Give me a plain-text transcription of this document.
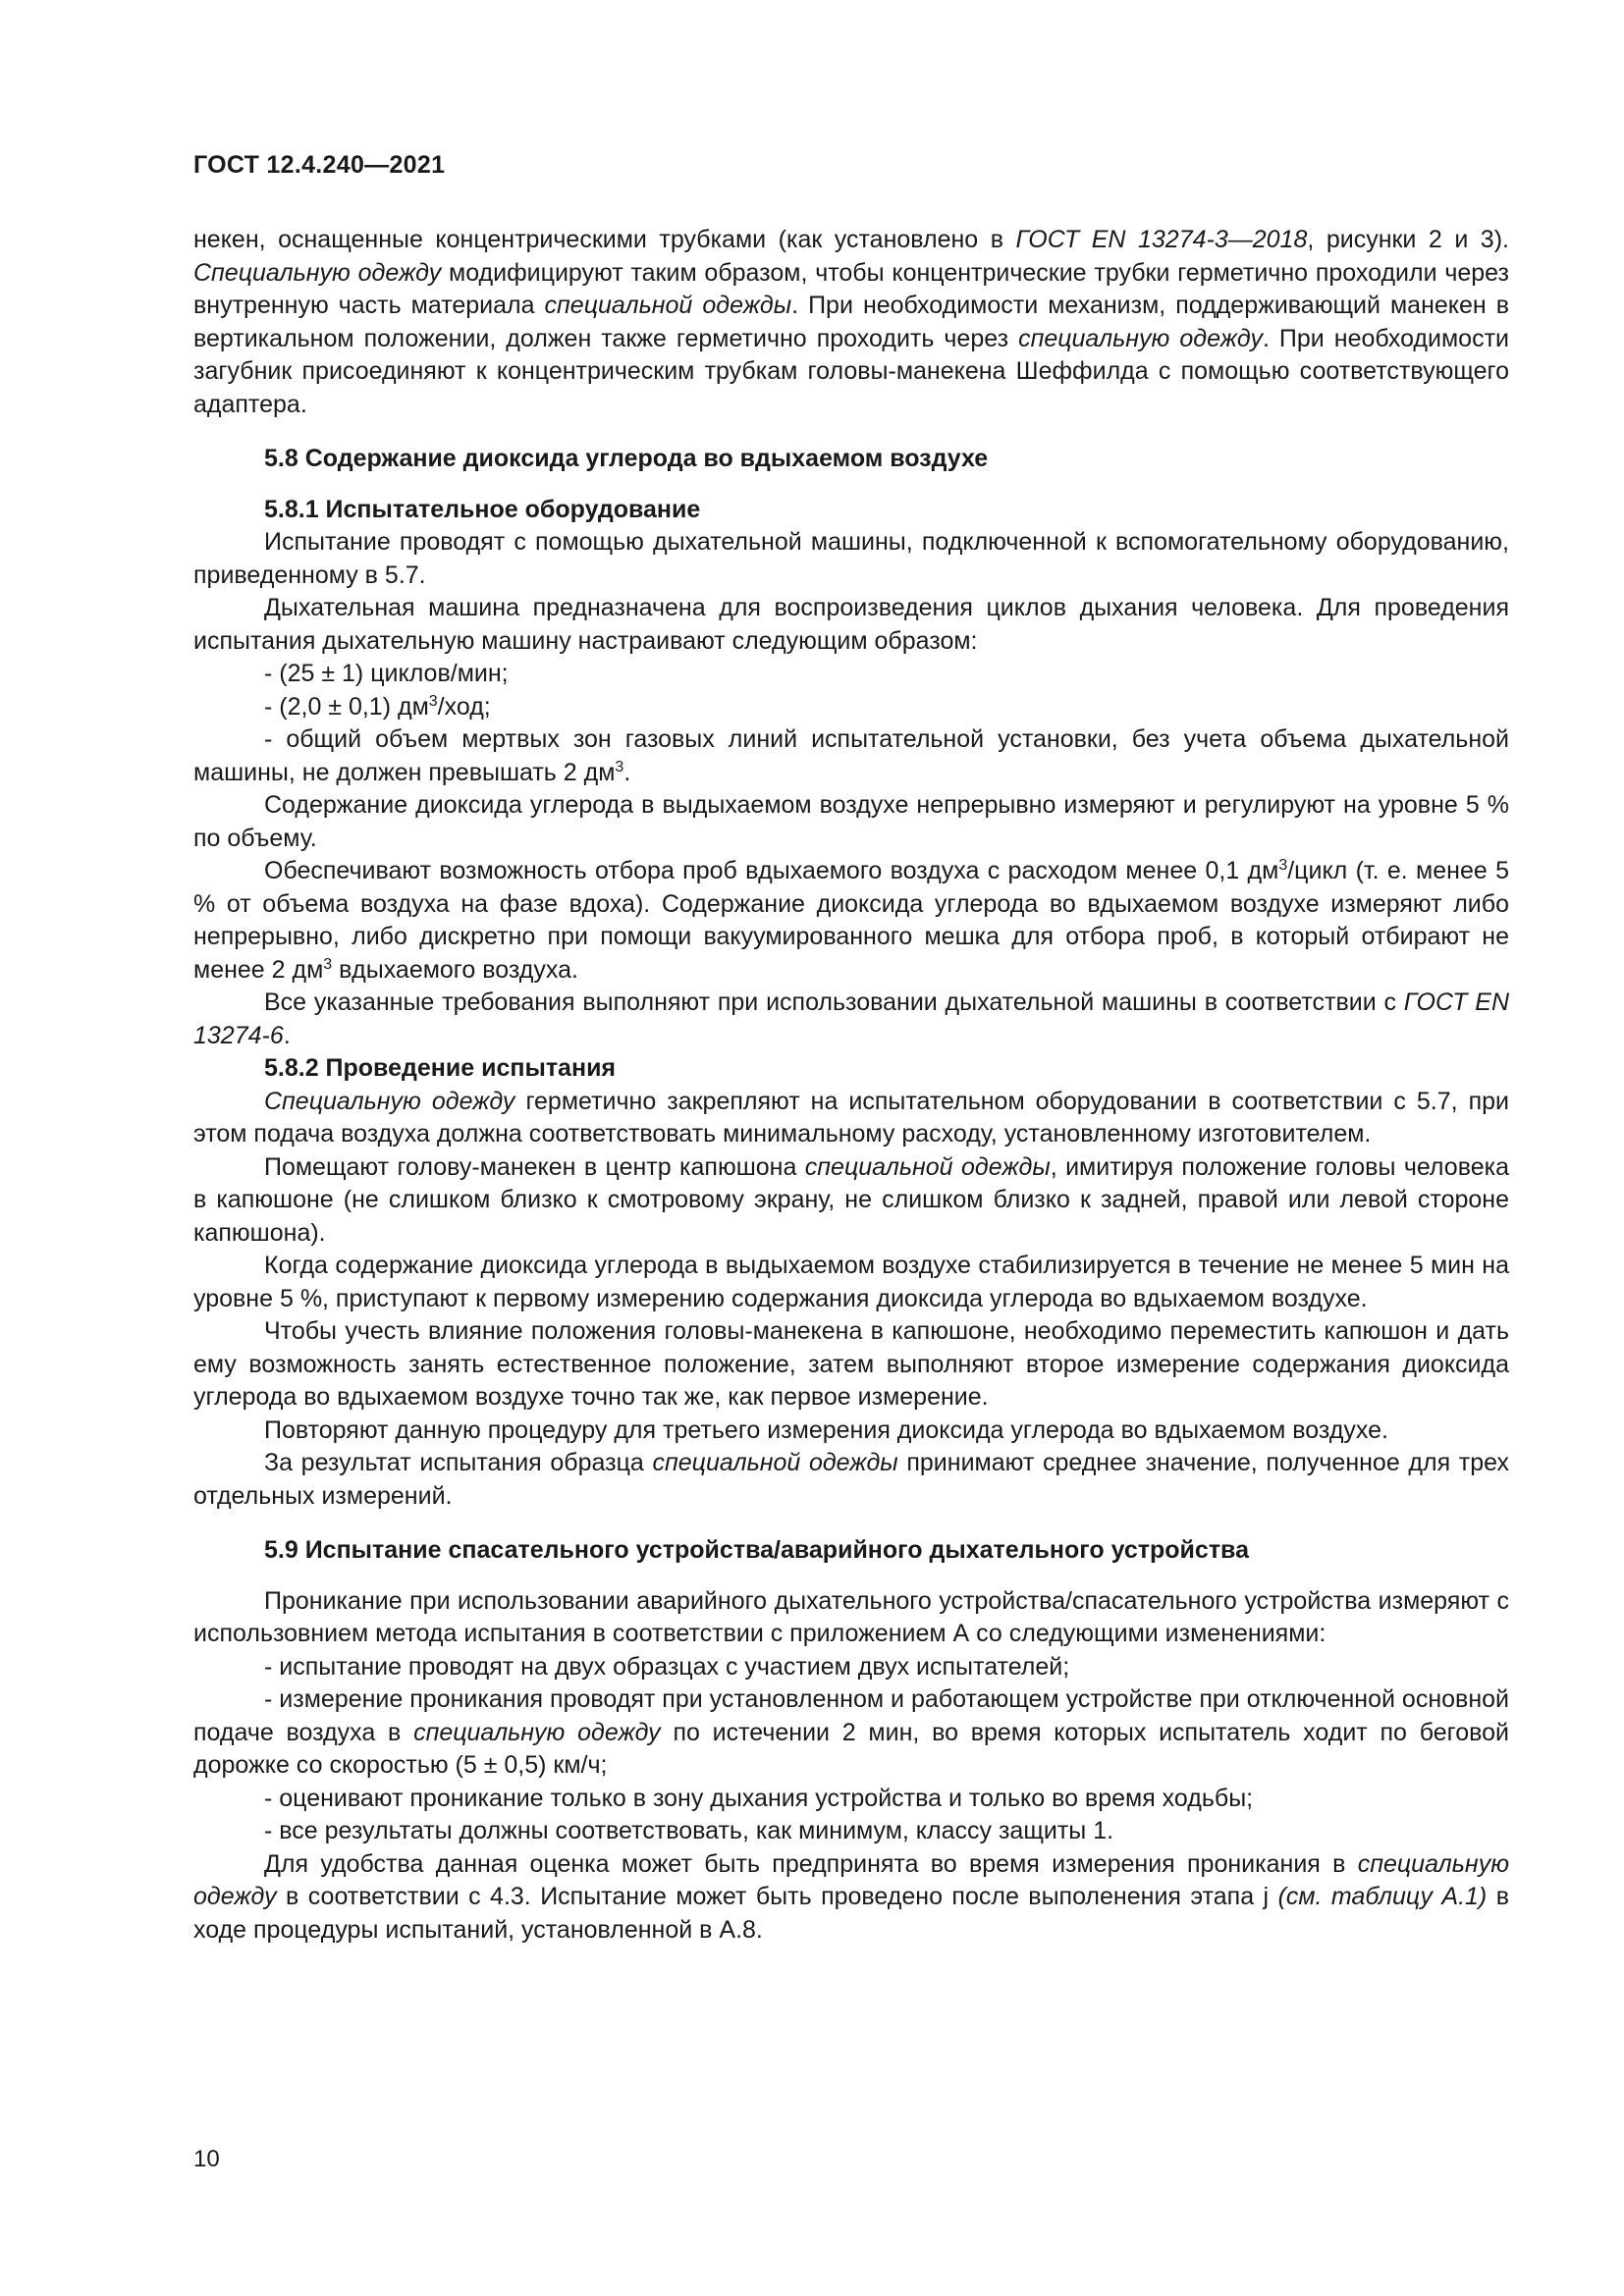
ГОСТ 12.4.240—2021

некен, оснащенные концентрическими трубками (как установлено в ГОСТ EN 13274-3—2018, рисунки 2 и 3). Специальную одежду модифицируют таким образом, чтобы концентрические трубки герметично проходили через внутренную часть материала специальной одежды. При необходимости механизм, поддерживающий манекен в вертикальном положении, должен также герметично проходить через специальную одежду. При необходимости загубник присоединяют к концентрическим трубкам головы-манекена Шеффилда с помощью соответствующего адаптера.

5.8 Содержание диоксида углерода во вдыхаемом воздухе
5.8.1 Испытательное оборудование

Испытание проводят с помощью дыхательной машины, подключенной к вспомогательному оборудованию, приведенному в 5.7.

Дыхательная машина предназначена для воспроизведения циклов дыхания человека. Для проведения испытания дыхательную машину настраивают следующим образом:

- (25 ± 1) циклов/мин;

- (2,0 ± 0,1) $дм^3$/ход;

- общий объем мертвых зон газовых линий испытательной установки, без учета объема дыхательной машины, не должен превышать 2 $дм^3$.

Содержание диоксида углерода в выдыхаемом воздухе непрерывно измеряют и регулируют на уровне 5 % по объему.

Обеспечивают возможность отбора проб вдыхаемого воздуха с расходом менее 0,1 $дм^3$/цикл (т. е. менее 5 % от объема воздуха на фазе вдоха). Содержание диоксида углерода во вдыхаемом воздухе измеряют либо непрерывно, либо дискретно при помощи вакуумированного мешка для отбора проб, в который отбирают не менее 2 $дм^3$ вдыхаемого воздуха.

Все указанные требования выполняют при использовании дыхательной машины в соответствии с ГОСТ EN 13274-6.

5.8.2 Проведение испытания

Специальную одежду герметично закрепляют на испытательном оборудовании в соответствии с 5.7, при этом подача воздуха должна соответствовать минимальному расходу, установленному изготовителем.

Помещают голову-манекен в центр капюшона специальной одежды, имитируя положение головы человека в капюшоне (не слишком близко к смотровому экрану, не слишком близко к задней, правой или левой стороне капюшона).

Когда содержание диоксида углерода в выдыхаемом воздухе стабилизируется в течение не менее 5 мин на уровне 5 %, приступают к первому измерению содержания диоксида углерода во вдыхаемом воздухе.

Чтобы учесть влияние положения головы-манекена в капюшоне, необходимо переместить капюшон и дать ему возможность занять естественное положение, затем выполняют второе измерение содержания диоксида углерода во вдыхаемом воздухе точно так же, как первое измерение.

Повторяют данную процедуру для третьего измерения диоксида углерода во вдыхаемом воздухе.

За результат испытания образца специальной одежды принимают среднее значение, полученное для трех отдельных измерений.

5.9 Испытание спасательного устройства/аварийного дыхательного устройства

Проникание при использовании аварийного дыхательного устройства/спасательного устройства измеряют с использовнием метода испытания в соответствии с приложением А со следующими изменениями:

- испытание проводят на двух образцах с участием двух испытателей;

- измерение проникания проводят при установленном и работающем устройстве при отключенной основной подаче воздуха в специальную одежду по истечении 2 мин, во время которых испытатель ходит по беговой дорожке со скоростью (5 ± 0,5) км/ч;

- оценивают проникание только в зону дыхания устройства и только во время ходьбы;

- все результаты должны соответствовать, как минимум, классу защиты 1.

Для удобства данная оценка может быть предпринята во время измерения проникания в специальную одежду в соответствии с 4.3. Испытание может быть проведено после выполенения этапа j (см. таблицу А.1) в ходе процедуры испытаний, установленной в А.8.

10
